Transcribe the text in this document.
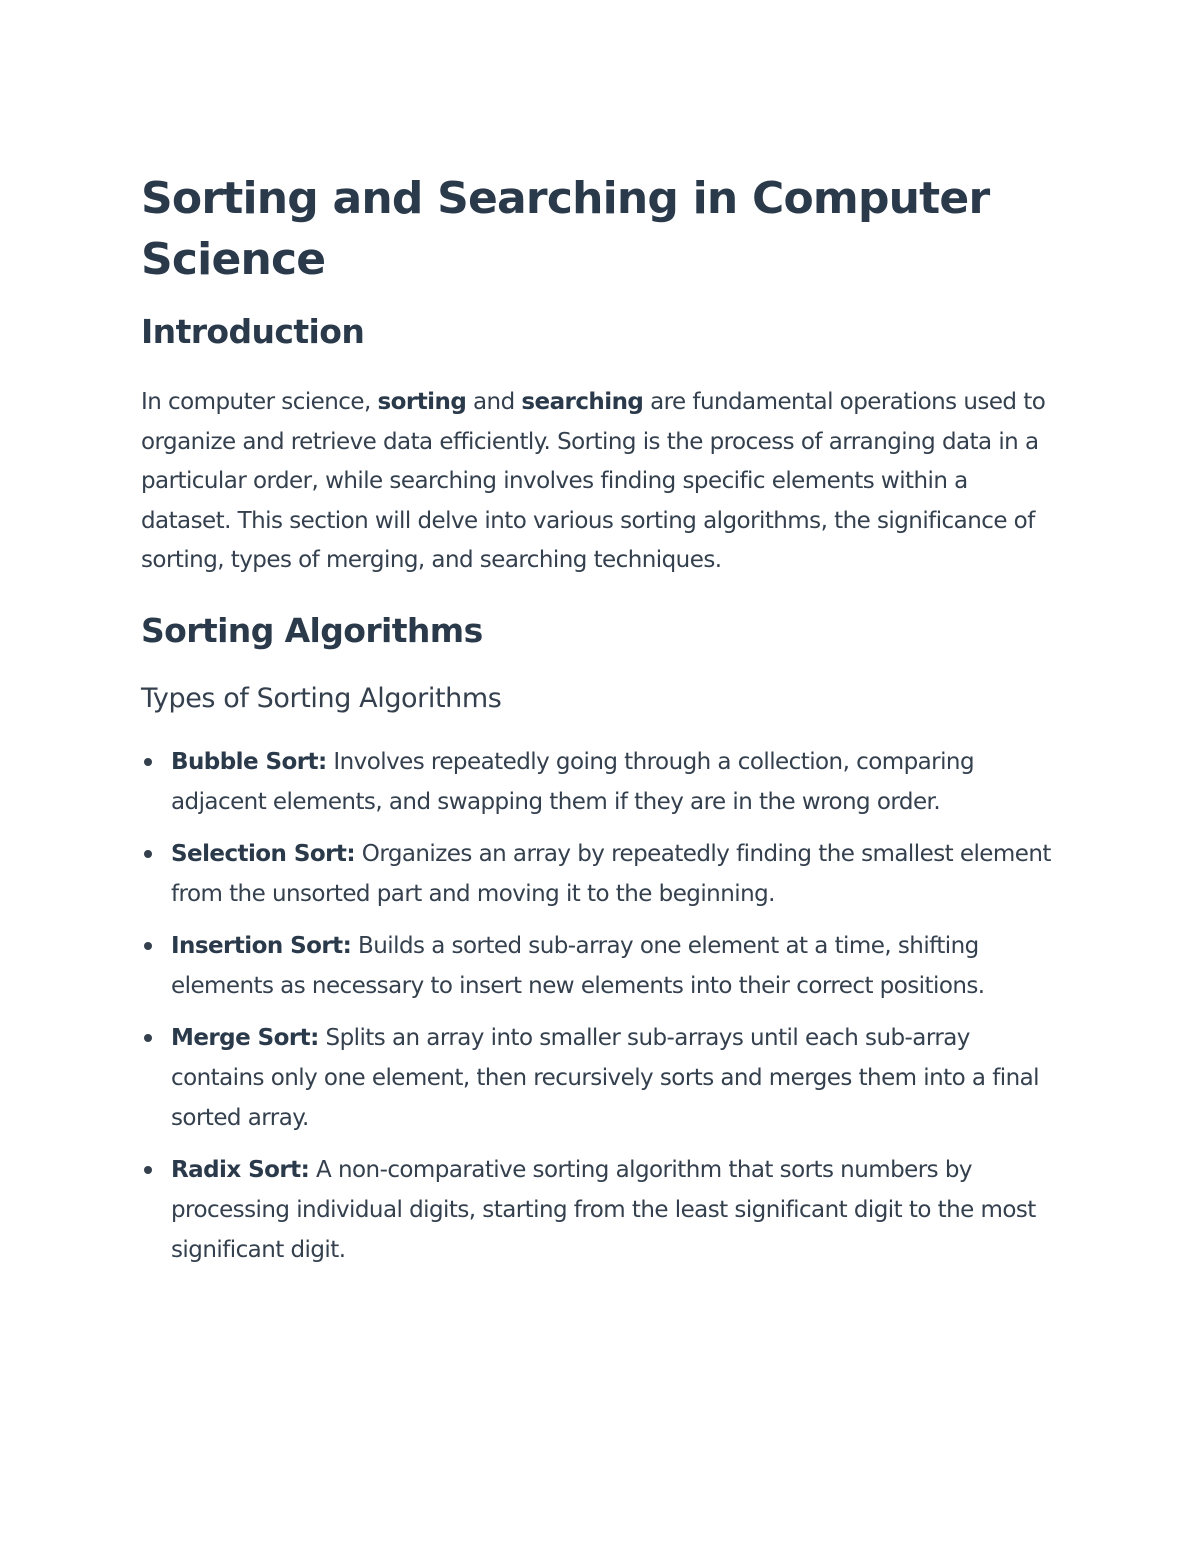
Sorting and Searching in Computer Science
Introduction

In computer science, sorting and searching are fundamental operations used to organize and retrieve data efficiently. Sorting is the process of arranging data in a particular order, while searching involves finding specific elements within a dataset. This section will delve into various sorting algorithms, the significance of sorting, types of merging, and searching techniques.

Sorting Algorithms
Types of Sorting Algorithms
Bubble Sort: Involves repeatedly going through a collection, comparing adjacent elements, and swapping them if they are in the wrong order.
Selection Sort: Organizes an array by repeatedly finding the smallest element from the unsorted part and moving it to the beginning.
Insertion Sort: Builds a sorted sub-array one element at a time, shifting elements as necessary to insert new elements into their correct positions.
Merge Sort: Splits an array into smaller sub-arrays until each sub-array contains only one element, then recursively sorts and merges them into a final sorted array.
Radix Sort: A non-comparative sorting algorithm that sorts numbers by processing individual digits, starting from the least significant digit to the most significant digit.
